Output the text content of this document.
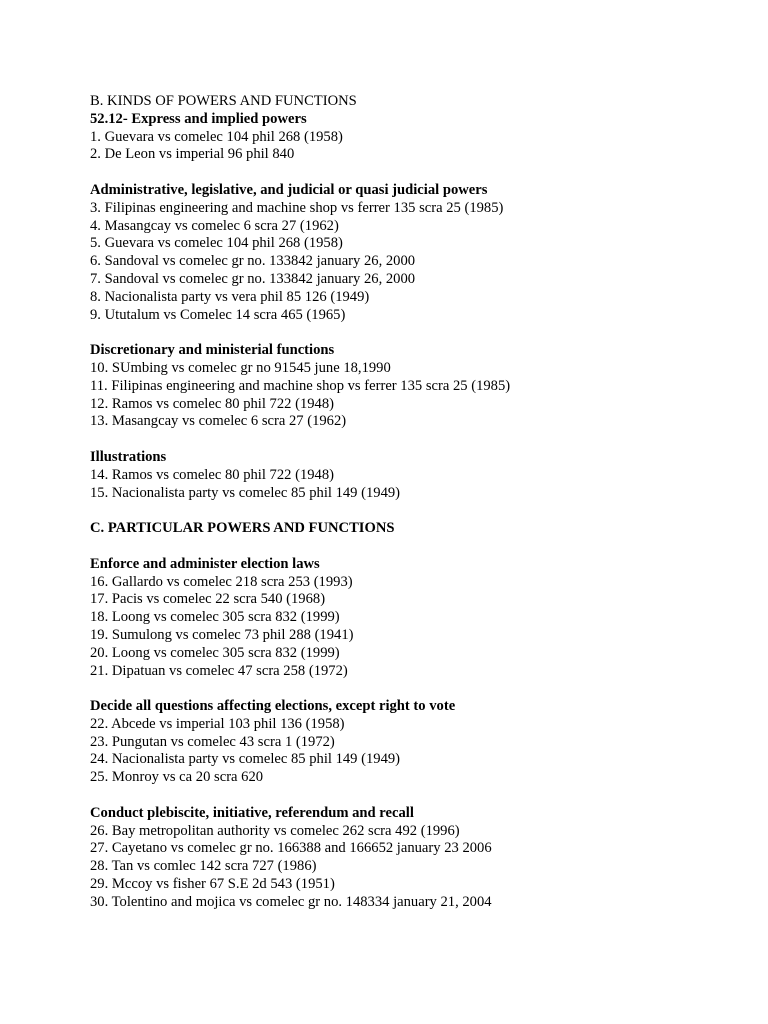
B. KINDS OF POWERS AND FUNCTIONS
52.12- Express and implied powers
1. Guevara vs comelec 104 phil 268 (1958)
2. De Leon vs imperial 96 phil 840
Administrative, legislative, and judicial or quasi judicial powers
3. Filipinas engineering and machine shop vs ferrer 135 scra 25 (1985)
4. Masangcay vs comelec 6 scra 27 (1962)
5. Guevara vs comelec 104 phil 268 (1958)
6. Sandoval vs comelec gr no. 133842 january 26, 2000
7. Sandoval vs comelec gr no. 133842 january 26, 2000
8. Nacionalista party vs vera phil 85 126 (1949)
9. Ututalum vs Comelec 14 scra 465 (1965)
Discretionary and ministerial functions
10. SUmbing vs comelec gr no 91545 june 18,1990
11. Filipinas engineering and machine shop vs ferrer 135 scra 25 (1985)
12. Ramos vs comelec 80 phil 722 (1948)
13. Masangcay vs comelec 6 scra 27 (1962)
Illustrations
14. Ramos vs comelec 80 phil 722 (1948)
15. Nacionalista party vs comelec 85 phil 149 (1949)
C. PARTICULAR POWERS AND FUNCTIONS
Enforce and administer election laws
16. Gallardo vs comelec 218 scra 253 (1993)
17. Pacis vs comelec 22 scra 540 (1968)
18. Loong vs comelec 305 scra 832 (1999)
19. Sumulong vs comelec 73 phil 288 (1941)
20. Loong vs comelec 305 scra 832 (1999)
21. Dipatuan vs comelec 47 scra 258 (1972)
Decide all questions affecting elections, except right to vote
22. Abcede vs imperial 103 phil 136 (1958)
23. Pungutan vs comelec 43 scra 1 (1972)
24. Nacionalista party vs comelec 85 phil 149 (1949)
25. Monroy vs ca 20 scra 620
Conduct plebiscite, initiative, referendum and recall
26. Bay metropolitan authority vs comelec 262 scra 492 (1996)
27. Cayetano vs comelec gr no. 166388 and 166652 january 23 2006
28. Tan vs comlec 142 scra 727 (1986)
29. Mccoy vs fisher 67 S.E 2d 543 (1951)
30. Tolentino and mojica vs comelec gr no. 148334 january 21, 2004
